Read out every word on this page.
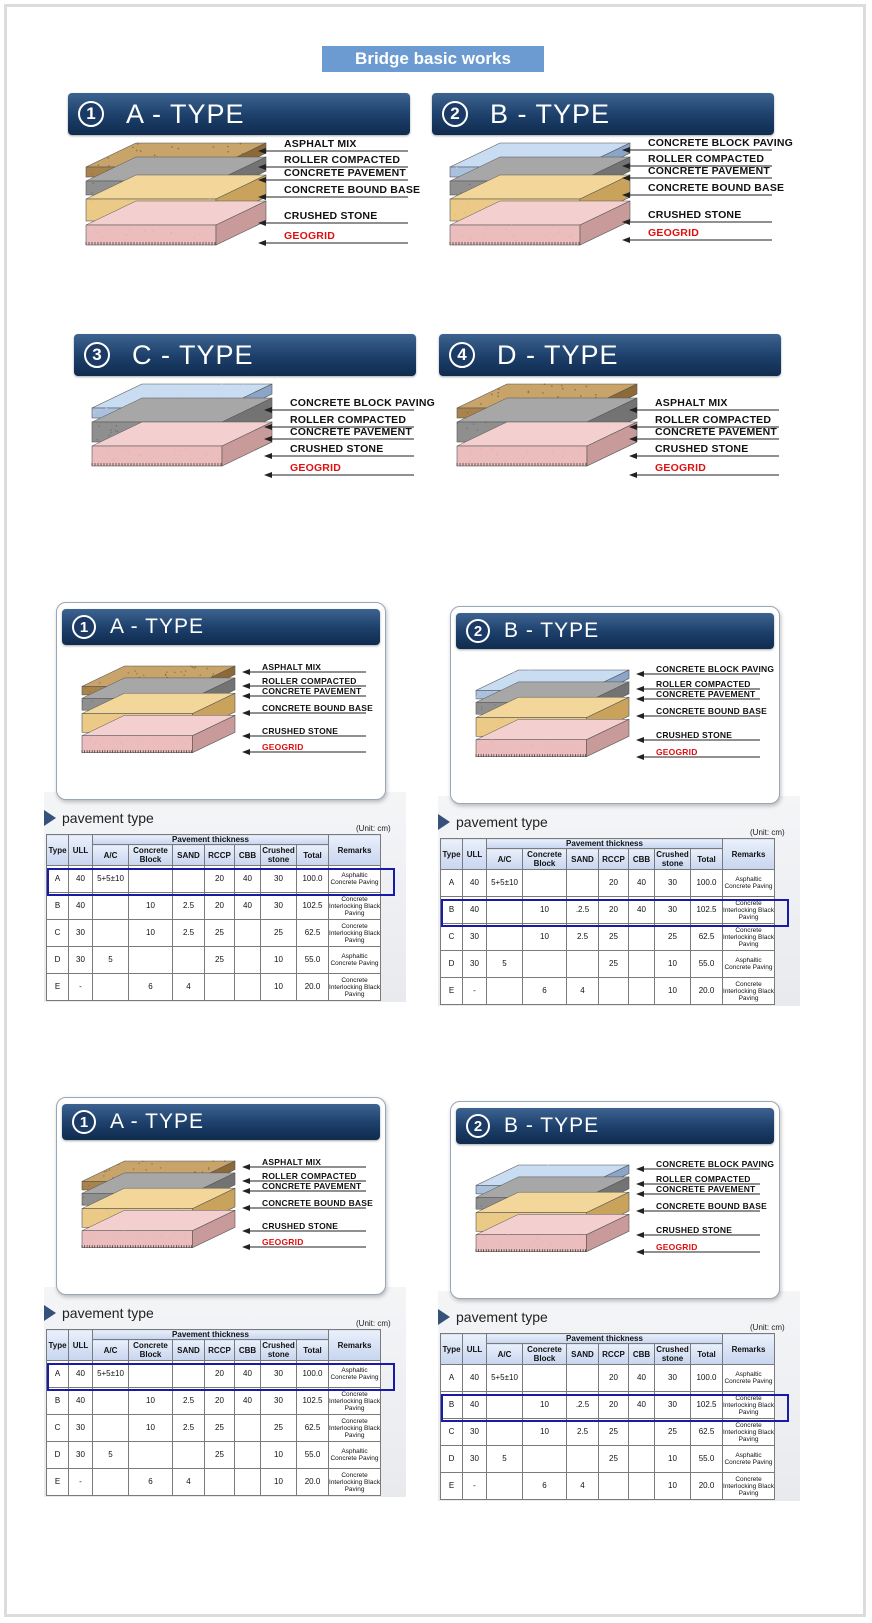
Bridge basic works
1	A - TYPE
ASPHALT MIX
ROLLER COMPACTED
CONCRETE PAVEMENT
CONCRETE BOUND BASE
CRUSHED STONE
GEOGRID
2	B - TYPE
CONCRETE BLOCK PAVING
ROLLER COMPACTED
CONCRETE PAVEMENT
CONCRETE BOUND BASE
CRUSHED STONE
GEOGRID
3	C - TYPE
CONCRETE BLOCK PAVING
ROLLER COMPACTED
CONCRETE PAVEMENT
CRUSHED STONE
GEOGRID
4	D - TYPE
ASPHALT MIX
ROLLER COMPACTED
CONCRETE PAVEMENT
CRUSHED STONE
GEOGRID
1	A - TYPE
ASPHALT MIX
ROLLER COMPACTED
CONCRETE PAVEMENT
CONCRETE BOUND BASE
CRUSHED STONE
GEOGRID
pavement type
(Unit: cm)
Type	ULL	Pavement thickness							Remarks
		A/C	Concrete Block	SAND	RCCP	CBB	Crushed stone	Total	
A	40	5+5±10			20	40	30	100.0	Asphaltic Concrete Paving
B	40		10	2.5	20	40	30	102.5	Concrete Interlocking Black Paving
C	30		10	2.5	25		25	62.5	Concrete Interlocking Black Paving
D	30	5			25		10	55.0	Asphaltic Concrete Paving
E	-		6	4			10	20.0	Concrete Interlocking Black Paving
2	B - TYPE
CONCRETE BLOCK PAVING
ROLLER COMPACTED
CONCRETE PAVEMENT
CONCRETE BOUND BASE
CRUSHED STONE
GEOGRID
pavement type
(Unit: cm)
Type	ULL	Pavement thickness							Remarks
		A/C	Concrete Block	SAND	RCCP	CBB	Crushed stone	Total	
A	40	5+5±10			20	40	30	100.0	Asphaltic Concrete Paving
B	40		10	.2.5	20	40	30	102.5	Concrete Interlocking Black Paving
C	30		10	2.5	25		25	62.5	Concrete Interlocking Black Paving
D	30	5			25		10	55.0	Asphaltic Concrete Paving
E	-		6	4			10	20.0	Concrete Interlocking Black Paving
1	A - TYPE
ASPHALT MIX
ROLLER COMPACTED
CONCRETE PAVEMENT
CONCRETE BOUND BASE
CRUSHED STONE
GEOGRID
pavement type
(Unit: cm)
Type	ULL	Pavement thickness							Remarks
		A/C	Concrete Block	SAND	RCCP	CBB	Crushed stone	Total	
A	40	5+5±10			20	40	30	100.0	Asphaltic Concrete Paving
B	40		10	2.5	20	40	30	102.5	Concrete Interlocking Black Paving
C	30		10	2.5	25		25	62.5	Concrete Interlocking Black Paving
D	30	5			25		10	55.0	Asphaltic Concrete Paving
E	-		6	4			10	20.0	Concrete Interlocking Black Paving
2	B - TYPE
CONCRETE BLOCK PAVING
ROLLER COMPACTED
CONCRETE PAVEMENT
CONCRETE BOUND BASE
CRUSHED STONE
GEOGRID
pavement type
(Unit: cm)
Type	ULL	Pavement thickness							Remarks
		A/C	Concrete Block	SAND	RCCP	CBB	Crushed stone	Total	
A	40	5+5±10			20	40	30	100.0	Asphaltic Concrete Paving
B	40		10	.2.5	20	40	30	102.5	Concrete Interlocking Black Paving
C	30		10	2.5	25		25	62.5	Concrete Interlocking Black Paving
D	30	5			25		10	55.0	Asphaltic Concrete Paving
E	-		6	4			10	20.0	Concrete Interlocking Black Paving
